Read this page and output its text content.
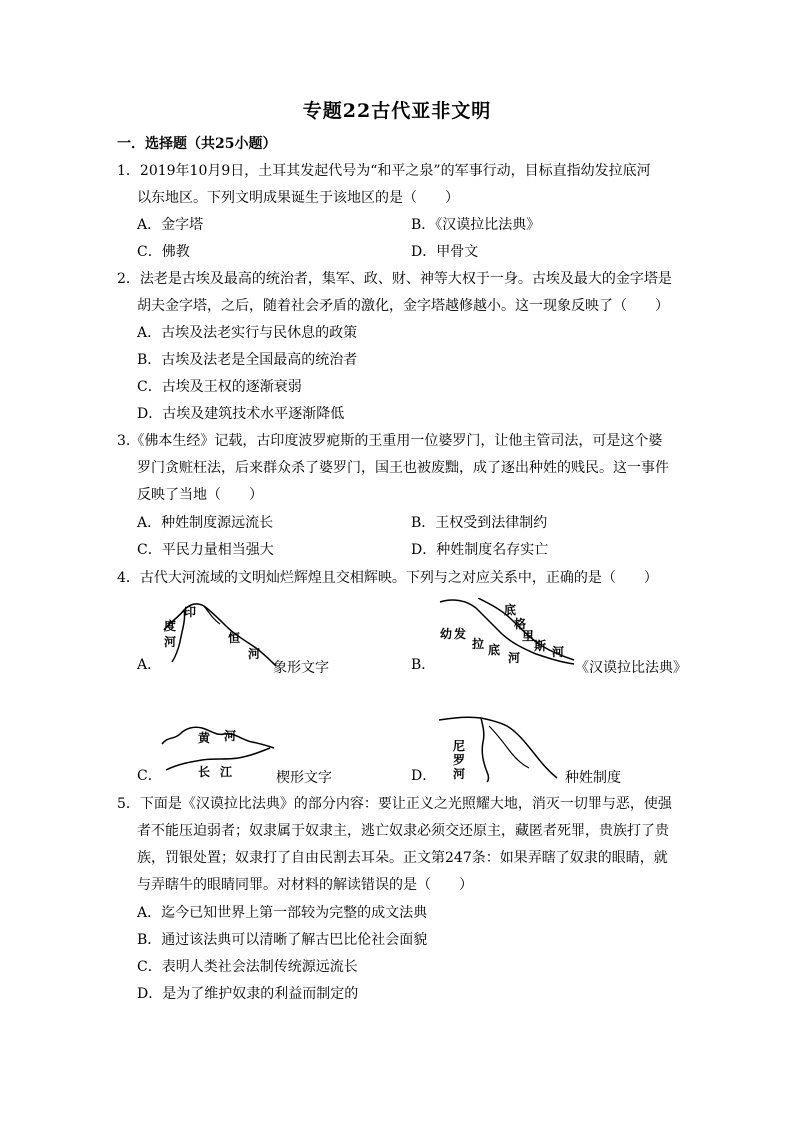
专题22古代亚非文明
一．选择题（共25小题）
1．2019年10月9日，土耳其发起代号为“和平之泉”的军事行动，目标直指幼发拉底河
以东地区。下列文明成果诞生于该地区的是（　　）
A．金字塔	B．《汉谟拉比法典》
C．佛教	D．甲骨文
2．法老是古埃及最高的统治者，集军、政、财、神等大权于一身。古埃及最大的金字塔是
胡夫金字塔，之后，随着社会矛盾的激化，金字塔越修越小。这一现象反映了（　　）
A．古埃及法老实行与民休息的政策
B．古埃及法老是全国最高的统治者
C．古埃及王权的逐渐衰弱
D．古埃及建筑技术水平逐渐降低
3.《佛本生经》记载，古印度波罗痆斯的王重用一位婆罗门，让他主管司法，可是这个婆
罗门贪赃枉法，后来群众杀了婆罗门，国王也被废黜，成了逐出种姓的贱民。这一事件
反映了当地（　　）
A．种姓制度源远流长	B．王权受到法律制约
C．平民力量相当强大	D．种姓制度名存实亡
4．古代大河流域的文明灿烂辉煌且交相辉映。下列与之对应关系中，正确的是（　　）
A．
印
度
河	恒
河
象形文字	B．
底
格
里
斯 河
幼 发
拉 底
河
《汉谟拉比法典》
C．
黄 河
长 江	楔形文字	D．
尼
罗
河	种姓制度
5．下面是《汉谟拉比法典》的部分内容：要让正义之光照耀大地，消灭一切罪与恶，使强
者不能压迫弱者；奴隶属于奴隶主，逃亡奴隶必须交还原主，藏匿者死罪，贵族打了贵
族，罚银处置；奴隶打了自由民割去耳朵。正文第247条：如果弄瞎了奴隶的眼睛，就
与弄瞎牛的眼睛同罪。对材料的解读错误的是（　　）
A．迄今已知世界上第一部较为完整的成文法典
B．通过该法典可以清晰了解古巴比伦社会面貌
C．表明人类社会法制传统源远流长
D．是为了维护奴隶的利益而制定的
